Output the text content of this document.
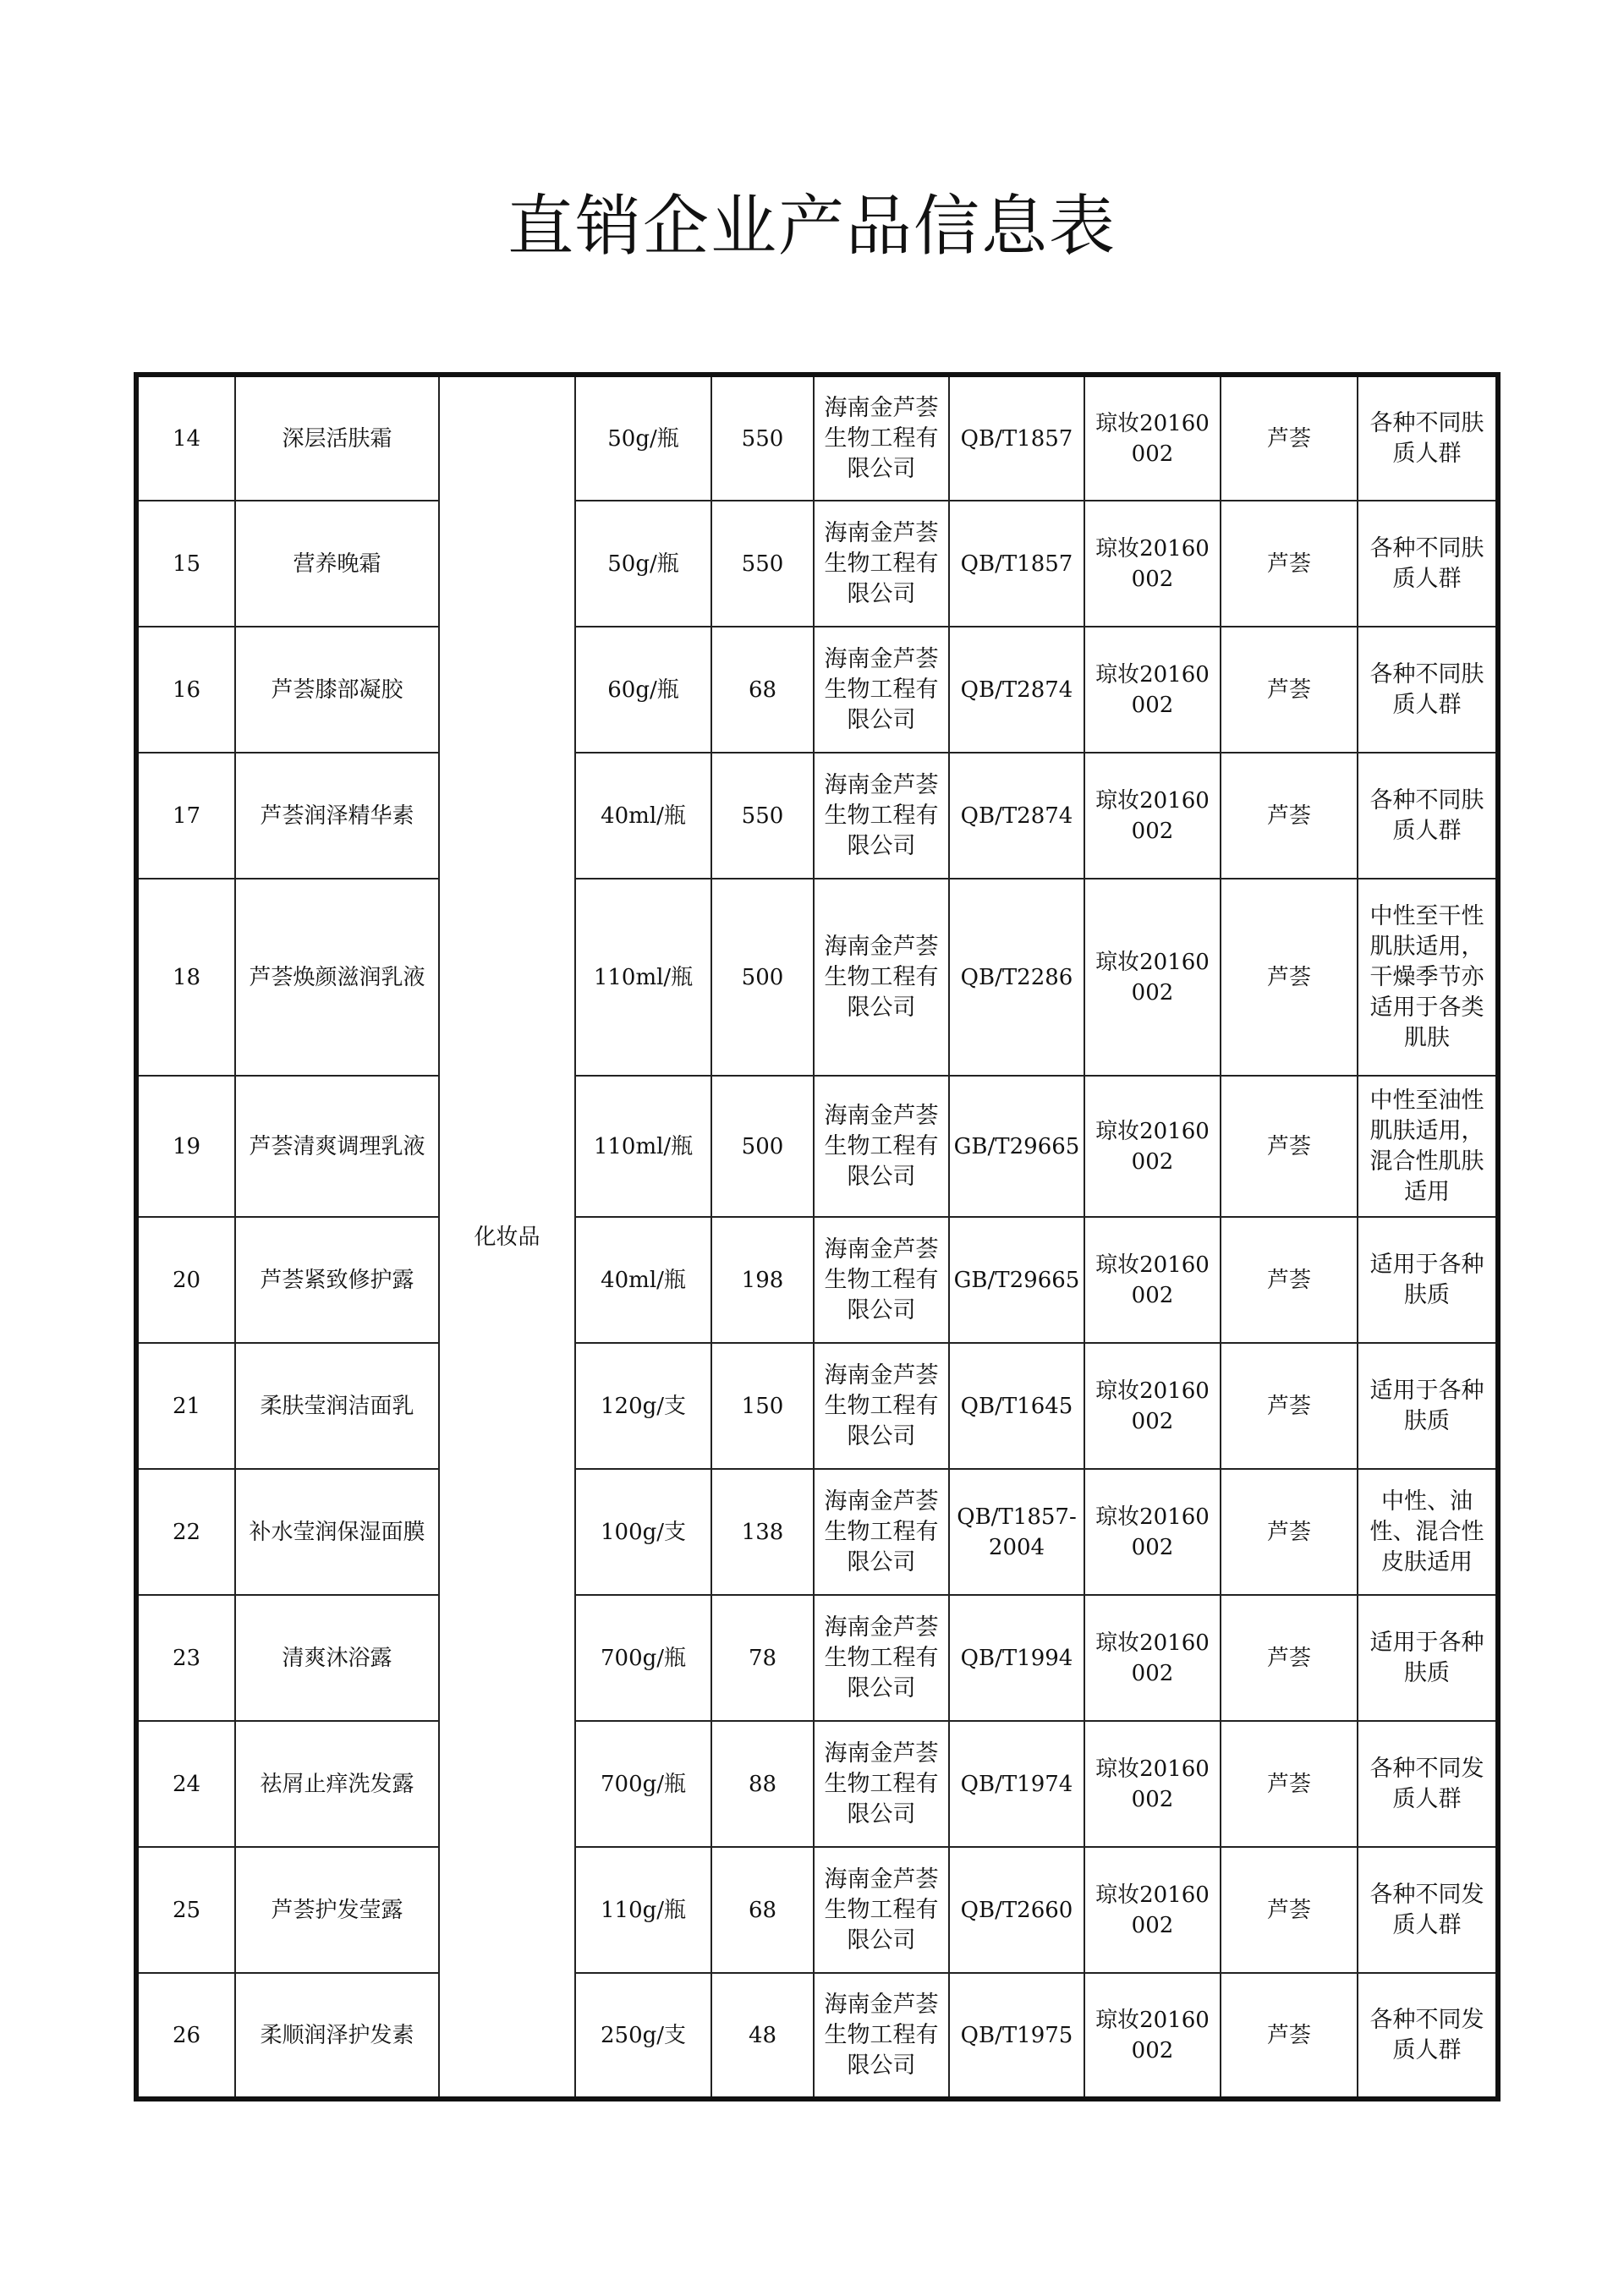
直销企业产品信息表
14	深层活肤霜	化妆品	50g/瓶	550	海南金芦荟生物工程有限公司	QB/T1857	琼妆20160002	芦荟	各种不同肤质人群
15	营养晚霜		50g/瓶	550	海南金芦荟生物工程有限公司	QB/T1857	琼妆20160002	芦荟	各种不同肤质人群
16	芦荟膝部凝胶		60g/瓶	68	海南金芦荟生物工程有限公司	QB/T2874	琼妆20160002	芦荟	各种不同肤质人群
17	芦荟润泽精华素		40ml/瓶	550	海南金芦荟生物工程有限公司	QB/T2874	琼妆20160002	芦荟	各种不同肤质人群
18	芦荟焕颜滋润乳液		110ml/瓶	500	海南金芦荟生物工程有限公司	QB/T2286	琼妆20160002	芦荟	中性至干性肌肤适用，干燥季节亦适用于各类肌肤
19	芦荟清爽调理乳液		110ml/瓶	500	海南金芦荟生物工程有限公司	GB/T29665	琼妆20160002	芦荟	中性至油性肌肤适用，混合性肌肤适用
20	芦荟紧致修护露		40ml/瓶	198	海南金芦荟生物工程有限公司	GB/T29665	琼妆20160002	芦荟	适用于各种肤质
21	柔肤莹润洁面乳		120g/支	150	海南金芦荟生物工程有限公司	QB/T1645	琼妆20160002	芦荟	适用于各种肤质
22	补水莹润保湿面膜		100g/支	138	海南金芦荟生物工程有限公司	QB/T1857-2004	琼妆20160002	芦荟	中性、油性、混合性皮肤适用
23	清爽沐浴露		700g/瓶	78	海南金芦荟生物工程有限公司	QB/T1994	琼妆20160002	芦荟	适用于各种肤质
24	祛屑止痒洗发露		700g/瓶	88	海南金芦荟生物工程有限公司	QB/T1974	琼妆20160002	芦荟	各种不同发质人群
25	芦荟护发莹露		110g/瓶	68	海南金芦荟生物工程有限公司	QB/T2660	琼妆20160002	芦荟	各种不同发质人群
26	柔顺润泽护发素		250g/支	48	海南金芦荟生物工程有限公司	QB/T1975	琼妆20160002	芦荟	各种不同发质人群
